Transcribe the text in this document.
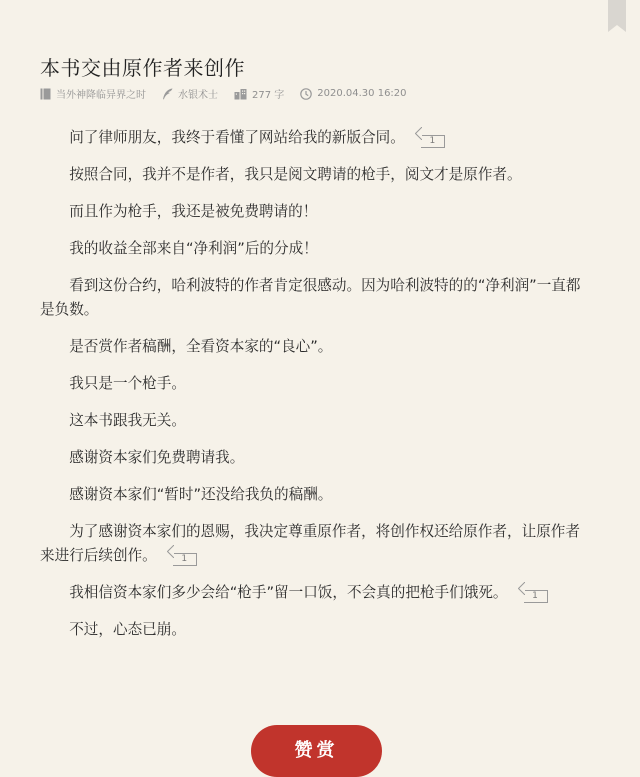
本书交由原作者来创作
当外神降临异界之时	水银术士	277 字	2020.04.30 16:20

问了律师朋友，我终于看懂了网站给我的新版合同。	1

按照合同，我并不是作者，我只是阅文聘请的枪手，阅文才是原作者。

而且作为枪手，我还是被免费聘请的！

我的收益全部来自“净利润”后的分成！

看到这份合约，哈利波特的作者肯定很感动。因为哈利波特的的“净利润”一直都是负数。

是否赏作者稿酬，全看资本家的“良心”。

我只是一个枪手。

这本书跟我无关。

感谢资本家们免费聘请我。

感谢资本家们“暂时”还没给我负的稿酬。

为了感谢资本家们的恩赐，我决定尊重原作者，将创作权还给原作者，让原作者来进行后续创作。	1

我相信资本家们多少会给“枪手”留一口饭，不会真的把枪手们饿死。	1

不过，心态已崩。

赞赏
